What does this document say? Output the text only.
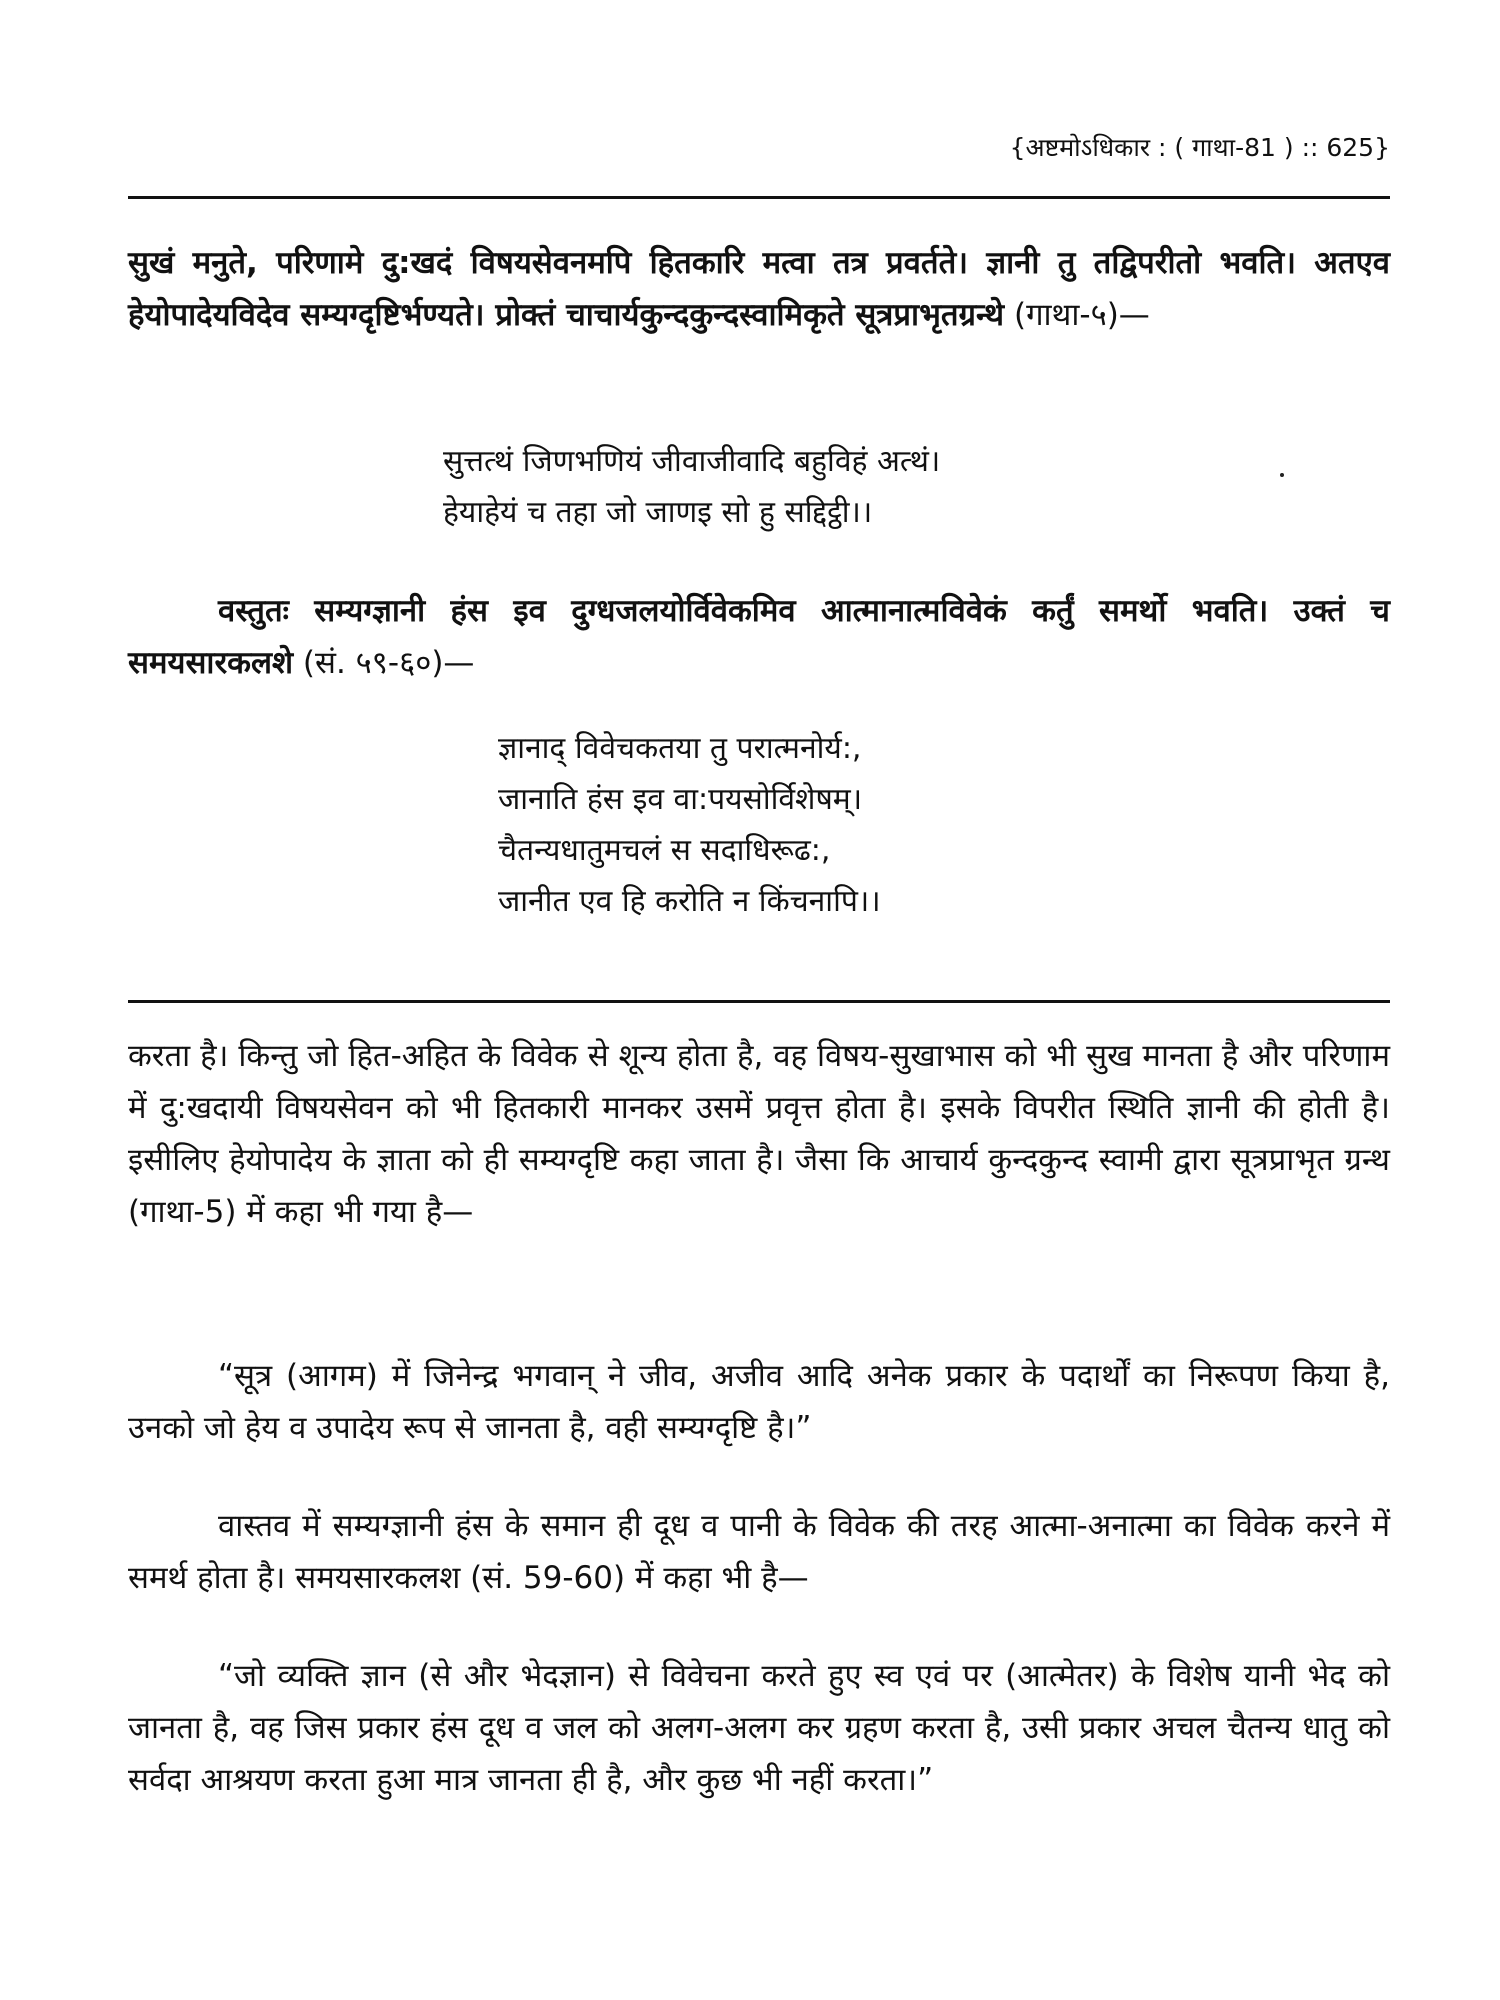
{अष्टमोऽधिकार : ( गाथा-81 ) :: 625}

सुखं मनुते, परिणामे दु:खदं विषयसेवनमपि हितकारि मत्वा तत्र प्रवर्तते। ज्ञानी तु तद्विपरीतो भवति। अतएव हेयोपादेयविदेव सम्यग्दृष्टिर्भण्यते। प्रोक्तं चाचार्यकुन्दकुन्दस्वामिकृते सूत्रप्राभृतग्रन्थे (गाथा-५)—

सुत्तत्थं जिणभणियं जीवाजीवादि बहुविहं अत्थं।
हेयाहेयं च तहा जो जाणइ सो हु सद्दिट्ठी।।

वस्तुतः सम्यग्ज्ञानी हंस इव दुग्धजलयोर्विवेकमिव आत्मानात्मविवेकं कर्तुं समर्थो भवति। उक्तं च समयसारकलशे (सं. ५९-६०)—

ज्ञानाद् विवेचकतया तु परात्मनोर्य:,
जानाति हंस इव वा:पयसोर्विशेषम्।
चैतन्यधातुमचलं स सदाधिरूढ:,
जानीत एव हि करोति न किंचनापि।।

करता है। किन्तु जो हित-अहित के विवेक से शून्य होता है, वह विषय-सुखाभास को भी सुख मानता है और परिणाम में दु:खदायी विषयसेवन को भी हितकारी मानकर उसमें प्रवृत्त होता है। इसके विपरीत स्थिति ज्ञानी की होती है। इसीलिए हेयोपादेय के ज्ञाता को ही सम्यग्दृष्टि कहा जाता है। जैसा कि आचार्य कुन्दकुन्द स्वामी द्वारा सूत्रप्राभृत ग्रन्थ (गाथा-5) में कहा भी गया है—

“सूत्र (आगम) में जिनेन्द्र भगवान् ने जीव, अजीव आदि अनेक प्रकार के पदार्थों का निरूपण किया है, उनको जो हेय व उपादेय रूप से जानता है, वही सम्यग्दृष्टि है।”

वास्तव में सम्यग्ज्ञानी हंस के समान ही दूध व पानी के विवेक की तरह आत्मा-अनात्मा का विवेक करने में समर्थ होता है। समयसारकलश (सं. 59-60) में कहा भी है—

“जो व्यक्ति ज्ञान (से और भेदज्ञान) से विवेचना करते हुए स्व एवं पर (आत्मेतर) के विशेष यानी भेद को जानता है, वह जिस प्रकार हंस दूध व जल को अलग-अलग कर ग्रहण करता है, उसी प्रकार अचल चैतन्य धातु को सर्वदा आश्रयण करता हुआ मात्र जानता ही है, और कुछ भी नहीं करता।”
